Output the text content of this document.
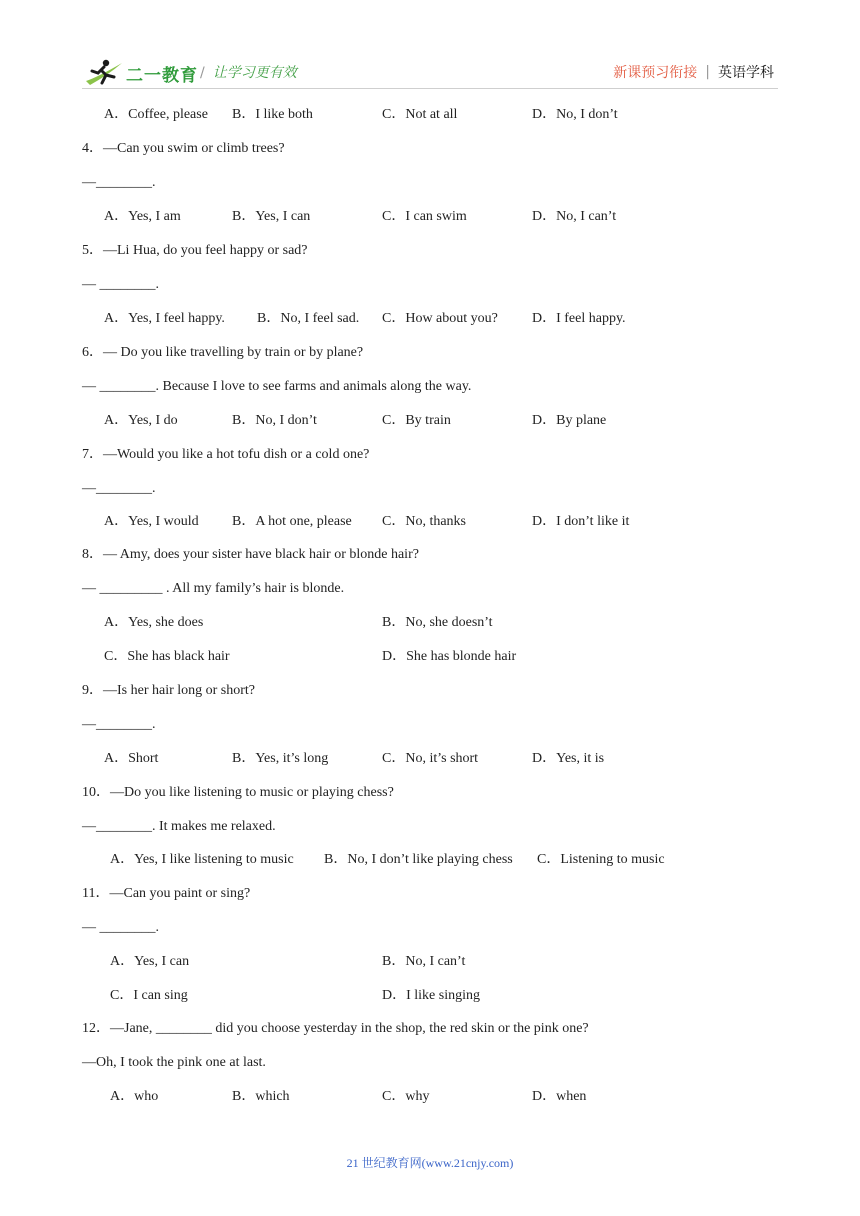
二一教育 / 让学习更有效	新课预习衔接 | 英语学科
A．Coffee, please B．I like both	C．Not at all	D．No, I don’t
4．—Can you swim or climb trees?
—________.
A．Yes, I am	B．Yes, I can	C．I can swim	D．No, I can’t
5．—Li Hua, do you feel happy or sad?
— ________.
A．Yes, I feel happy. B．No, I feel sad. C．How about you? D．I feel happy.
6．— Do you like travelling by train or by plane?
— ________. Because I love to see farms and animals along the way.
A．Yes, I do	B．No, I don’t	C．By train	D．By plane
7．—Would you like a hot tofu dish or a cold one?
—________.
A．Yes, I would B．A hot one, please C．No, thanks	D．I don’t like it
8．— Amy, does your sister have black hair or blonde hair?
— _________ . All my family’s hair is blonde.
A．Yes, she does	B．No, she doesn’t
C．She has black hair	D．She has blonde hair
9．—Is her hair long or short?
—________.
A．Short	B．Yes, it’s long	C．No, it’s short	D．Yes, it is
10．—Do you like listening to music or playing chess?
—________. It makes me relaxed.
A．Yes, I like listening to music B．No, I don’t like playing chess C．Listening to music
11．—Can you paint or sing?
— ________.
A．Yes, I can	B．No, I can’t
C．I can sing	D．I like singing
12．—Jane, ________ did you choose yesterday in the shop, the red skin or the pink one?
—Oh, I took the pink one at last.
A．who	B．which	C．why	D．when
21 世纪教育网(www.21cnjy.com)
